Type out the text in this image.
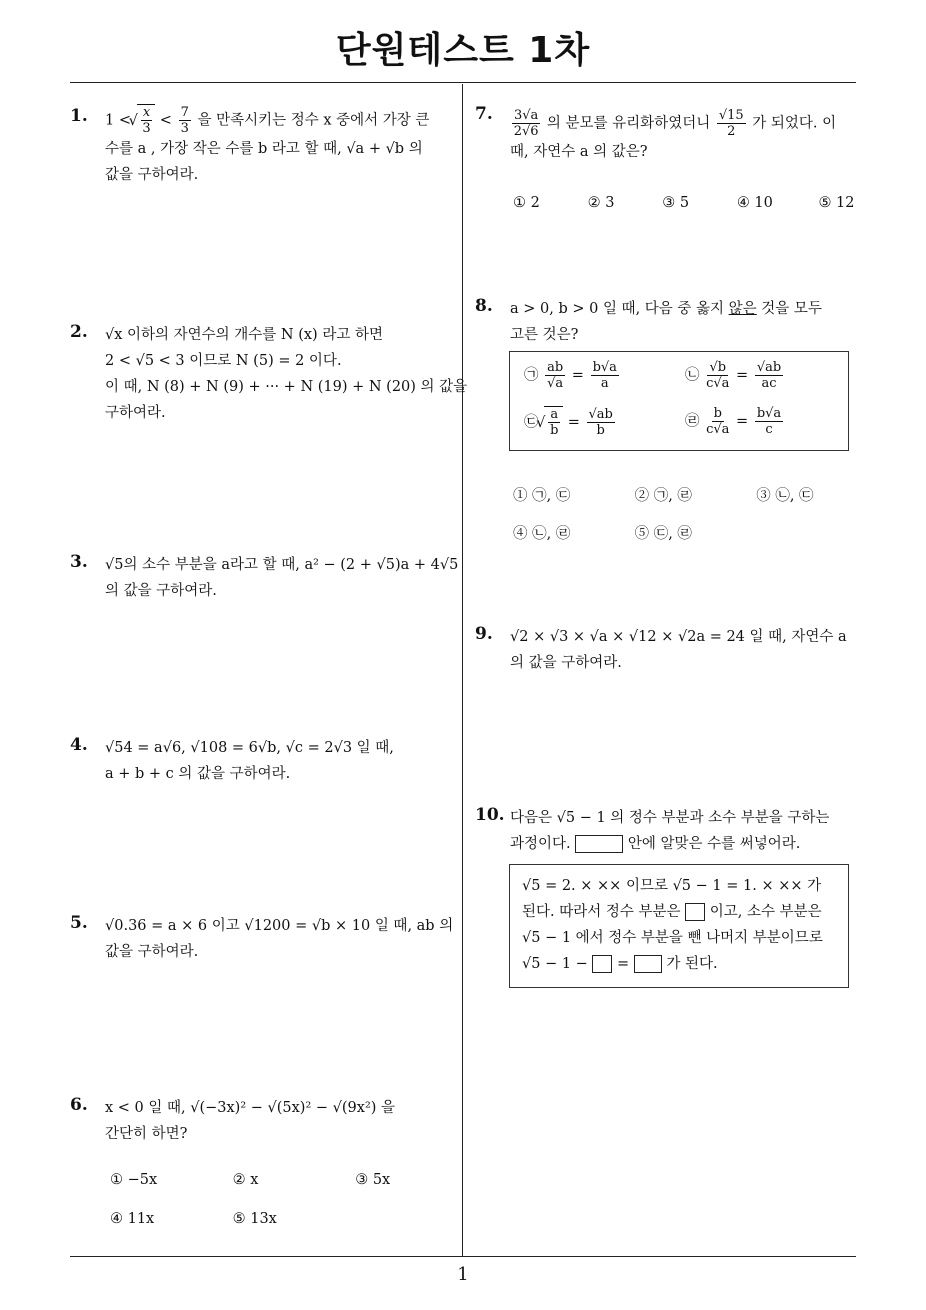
단원테스트 1차
1
1. 1 < √ $\frac{x}{3} < \frac{7}{3}$ 을 만족시키는 정수 x 중에서 가장 큰
수를 a , 가장 작은 수를 b 라고 할 때, √a + √b 의
값을 구하여라.
2. √x 이하의 자연수의 개수를 N (x) 라고 하면
2 < √5 < 3 이므로 N (5) = 2 이다.
이 때, N (8) + N (9) + ··· + N (19) + N (20) 의 값을
구하여라.
3. √5의 소수 부분을 a라고 할 때, a² − (2 + √5)a + 4√5
의 값을 구하여라.
4. √54 = a√6, √108 = 6√b, √c = 2√3 일 때,
a + b + c 의 값을 구하여라.
5. √0.36 = a × 6 이고 √1200 = √b × 10 일 때, ab 의
값을 구하여라.
6. x < 0 일 때, √(−3x)² − √(5x)² − √(9x²) 을
간단히 하면?
① −5x	② x	③ 5x
④ 11x	⑤ 13x
7. $\frac{3√a}{2√6}$ 의 분모를 유리화하였더니 $\frac{√15}{2}$ 가 되었다. 이
때, 자연수 a 의 값은?
① 2	② 3	③ 5	④ 10	⑤ 12
8. a > 0, b > 0 일 때, 다음 중 옳지 않은 것을 모두
고른 것은?
㉠ $\frac{ab}{√a} = \frac{b√a}{a}$	㉡ $\frac{√b}{c√a} = \frac{√ab}{ac}$
㉢ √ $\frac{a}{b} = \frac{√ab}{b}$	㉣ $\frac{b}{c√a} = \frac{b√a}{c}$
① ㉠, ㉢	② ㉠, ㉣	③ ㉡, ㉢
④ ㉡, ㉣	⑤ ㉢, ㉣
9. √2 × √3 × √a × √12 × √2a = 24 일 때, 자연수 a
의 값을 구하여라.
10. 다음은 √5 − 1 의 정수 부분과 소수 부분을 구하는
과정이다.	안에 알맞은 수를 써넣어라.
√5 = 2. × ×× 이므로 √5 − 1 = 1. × ×× 가
된다. 따라서 정수 부분은 이고, 소수 부분은
√5 − 1 에서 정수 부분을 뺀 나머지 부분이므로
√5 − 1 − =	가 된다.
